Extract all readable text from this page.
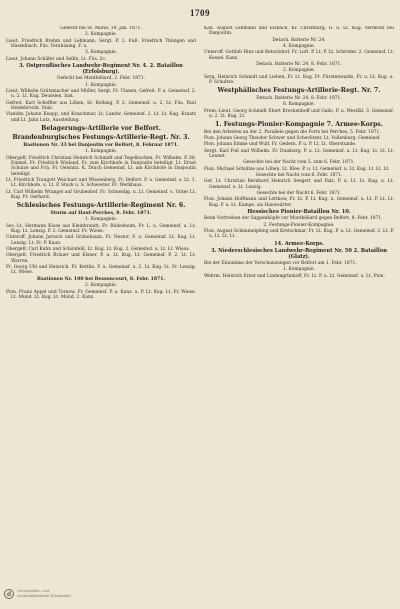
1709
Gefecht bei St. Marie, 19. Jan. 1871.
2. Kompagnie.
Lieut. Friedrich Brehm und Lehmann, Sergt. P. 2. Fuß. Friedrich Thüngen und Hasselbach, Füs. Ternhüsing. F. u.
3. Kompagnie.
Lieut. Johann Schäfer und Sellin, Lt. Füs. 2c.
3. Ostpreußisches Landwehr-Regiment Nr. 4. 2. Bataillon (Erfolsburg).
Gefecht bei Montbéliard, 2. Febr. 1871.
1. Kompagnie.
Lieut. Wilhelm Grützmacher und Müller, Sergt. Fr. Ulanen, Gefreit. P. u. Gemeinsf. 2. u. 2. Lt. Kug. Deutelen. Inst.
Gefreit. Karl Scheffler aus Löhen, Sr. Bollang, P. 2. Gemeinsf. u. 2. Lt. Füs. Paul Heidebrecht. Stab.
Vizeldw. Johann Knapp, und Kraschmar, Lt. Landw. Gemeinsf. 2. Lt. Lt. Kug. Kraatz und Lt. Jahn Lutz, Ausstellung.
Belagerungs-Artillerie vor Belfort.
Brandenburgisches Festungs-Artillerie-Regt. Nr. 3.
Bastionen Nr. 33 bei Danjoutin vor Belfort, 8. Februar 1871.
1. Kompagnie.
Obergefr. Friedrich Christian Heinrich Schmidt und Tegelkuchen, Fr. Wilhelm. P. Hr. Emmel, Fr. Friedrich Wieland, Fr. zum Kirchhofe in Danjoutin beteiligt. Lt. Ernst Schulze und Fch. Fr. Oelsnitz. K. Drach Gemeinsf. Lt. am Kirchhofe in Danjoutin beteiligt.
Lt. Friedrich Traugott Weichart und Wiesenberg, Fr. Belfort. P. u. Gemeinsf. s. Lt. 1. Lt. Kirchhofe. u. Lt. P. Stuck u. S. Schwester. Fr. Werkhaus.
Lt. Carl Wilhelm Wrangel auf Grubenhof. Fr. Schneidig. u. Lt. Gemeinsf. s. Unter Lt. Kug. Fr. Gerhard.
Schlesisches Festungs-Artillerie-Regiment Nr. 6.
Sturm auf Haut-Perches, 8. Febr. 1871.
1. Kompagnie.
Sec.-Lt. Hermann Klose aus Kleinbrandt, Fr. Rüdesheim, Fr. L. u. Gemeinsf. u. Lt. Kug. Lt. Lenzig. P. 2. Gemeinsf. Fr. Wiese.
Unteroff. Johann Jarosch und Grünebaum, Fr. Nestor, F. u. Gemeinsf. Lt. Kug. Lt. Lenzig. Lt. Fr. P. Kaun.
Obergefr. Carl Kuhn und Schönfeld, Lt. Kug. Lt. Kug. 2. Gemeinsf. u. Lt. Lt. Wiesa.
Obergefr. Friedrich Bräuer und Elsner, P. u. Lt. Kug. Lt. Gemeinsf. P. 2. Lt. Lt. Warren.
Fr. Georg Uhl und Heinrich. Fr. Kettlin. F. u. Gemeinsf. u. 2. Lt. Kug. Lt. Fr. Lenzig. Lt. Wiese.
Bastionen Nr. 100 bei Bessoncourt, 8. Febr. 1871.
2. Kompagnie.
Pion. Franz Appel und Tornow. Fr. Gemeinsf. P. u. Kanz. u. P. Lt. Kug. Lt. Fr. Wiese. Lt. Mund. Lt. Kug. Lt. Mund. 2. Kanz.
Kan. August Lehmann und Elsbach, Kr. Christburg. G. u. Lt. Kug. Verdeckt bei Danjoutin.
Detach. Batterie Nr. 24.
4. Kompagnie.
Unteroff. Gottlob Hinz und Ketschdorf, Fr. Loft. P. Lt. P. Lt. Schröder. 2. Gemeinsf. Lt. Kessel. Kanz.
Detach. Batterie Nr. 24, 8. Febr. 1871.
2. Kompagnie.
Serg. Heinrich Schmidt und Lieben, Fr. Lt. Kug. Fr. Fürstenwalde, Fr. u. Lt. Kug. u. P. Schultze.
Westphälisches Festungs-Artillerie-Regt. Nr. 7.
Detach. Batterie Nr. 24, 8. Febr. 1871.
8. Kompagnie.
Prem.-Lieut. Georg Schmidt Ebert Kreckenhoff und Gallo, P. u. Westfäl. 3. Gemeinsf. u. 2. Lt. Kug. Lt.
1. Festungs-Pionier-Kompagnie 7. Armee-Korps.
Bei den Arbeiten an der 2. Parallele gegen die Forts bei Perches, 5. Febr. 1871.
Pion. Johann Georg Theodor Schwer und Schevlitzer, Lt. Vollenburg. Gemeinsf.
Pion. Johann Emme und Wulf. Fr. Gedern. P. u. P. Lt. Lt. Oberstunde.
Sergt. Karl Foß und Wilhelm. Fr. Duisburg. P. u. Lt. Gemeinsf. u. Lt. Kug. Lt. Lt. Lt. Lennet.
Gesechte bei der Nacht vom 5. zum 6. Febr. 1871.
Pion. Michael Schultze aus Löhen, Lt. Klee. P. u. Lt. Gemeinsf. u. Lt. Kug. Lt. Lt. Lt.
Gesechte bei Nacht vom 6. Febr. 1871.
Gef. Lt. Christian Bernhard Heinrich Seegert und Palz, P. u. Lt. Lt. Kug. u. Lt. Gemeinsf. u. Lt. Lenzig.
Gesechte bei der Nacht 6. Febr. 1871.
Pion. Johann Hoffmann und Lettkow, Fr. Lt. P. Lt. Kug. u. Gemeinsf. u. Lt. P. Lt. Lt. Kug. P. u. Lt. Kampe. als Hauswärter.
Hessisches Pionier-Bataillon Nr. 10.
Beim Vortreiben der Sappenköpfe vor Montbéliard gegen Belfort, 8. Febr. 1871.
2. Festungs-Pionier-Kompagnie.
Pion. August Schimmelpfeng und Kretschmar, Fr. Lt. Kug. P. u. Lt. Gemeinsf. 2. Lt. P. u. Lt. Lt. Lt.
14. Armee-Korps.
3. Niederschlesisches Landwehr-Regiment Nr. 50 2. Bataillon (Glatz).
Bei der Einnahme der Verschanzungen vor Belfort am 1. Febr. 1871.
1. Kompagnie.
Wehrm. Heinrich Ernst und Lindengrünhoff, Fr. Lt. P. u. Lt. Gemeinsf. u. Lt. Pion.
d	Universitäts- und
Landesbibliothek Düsseldorf
